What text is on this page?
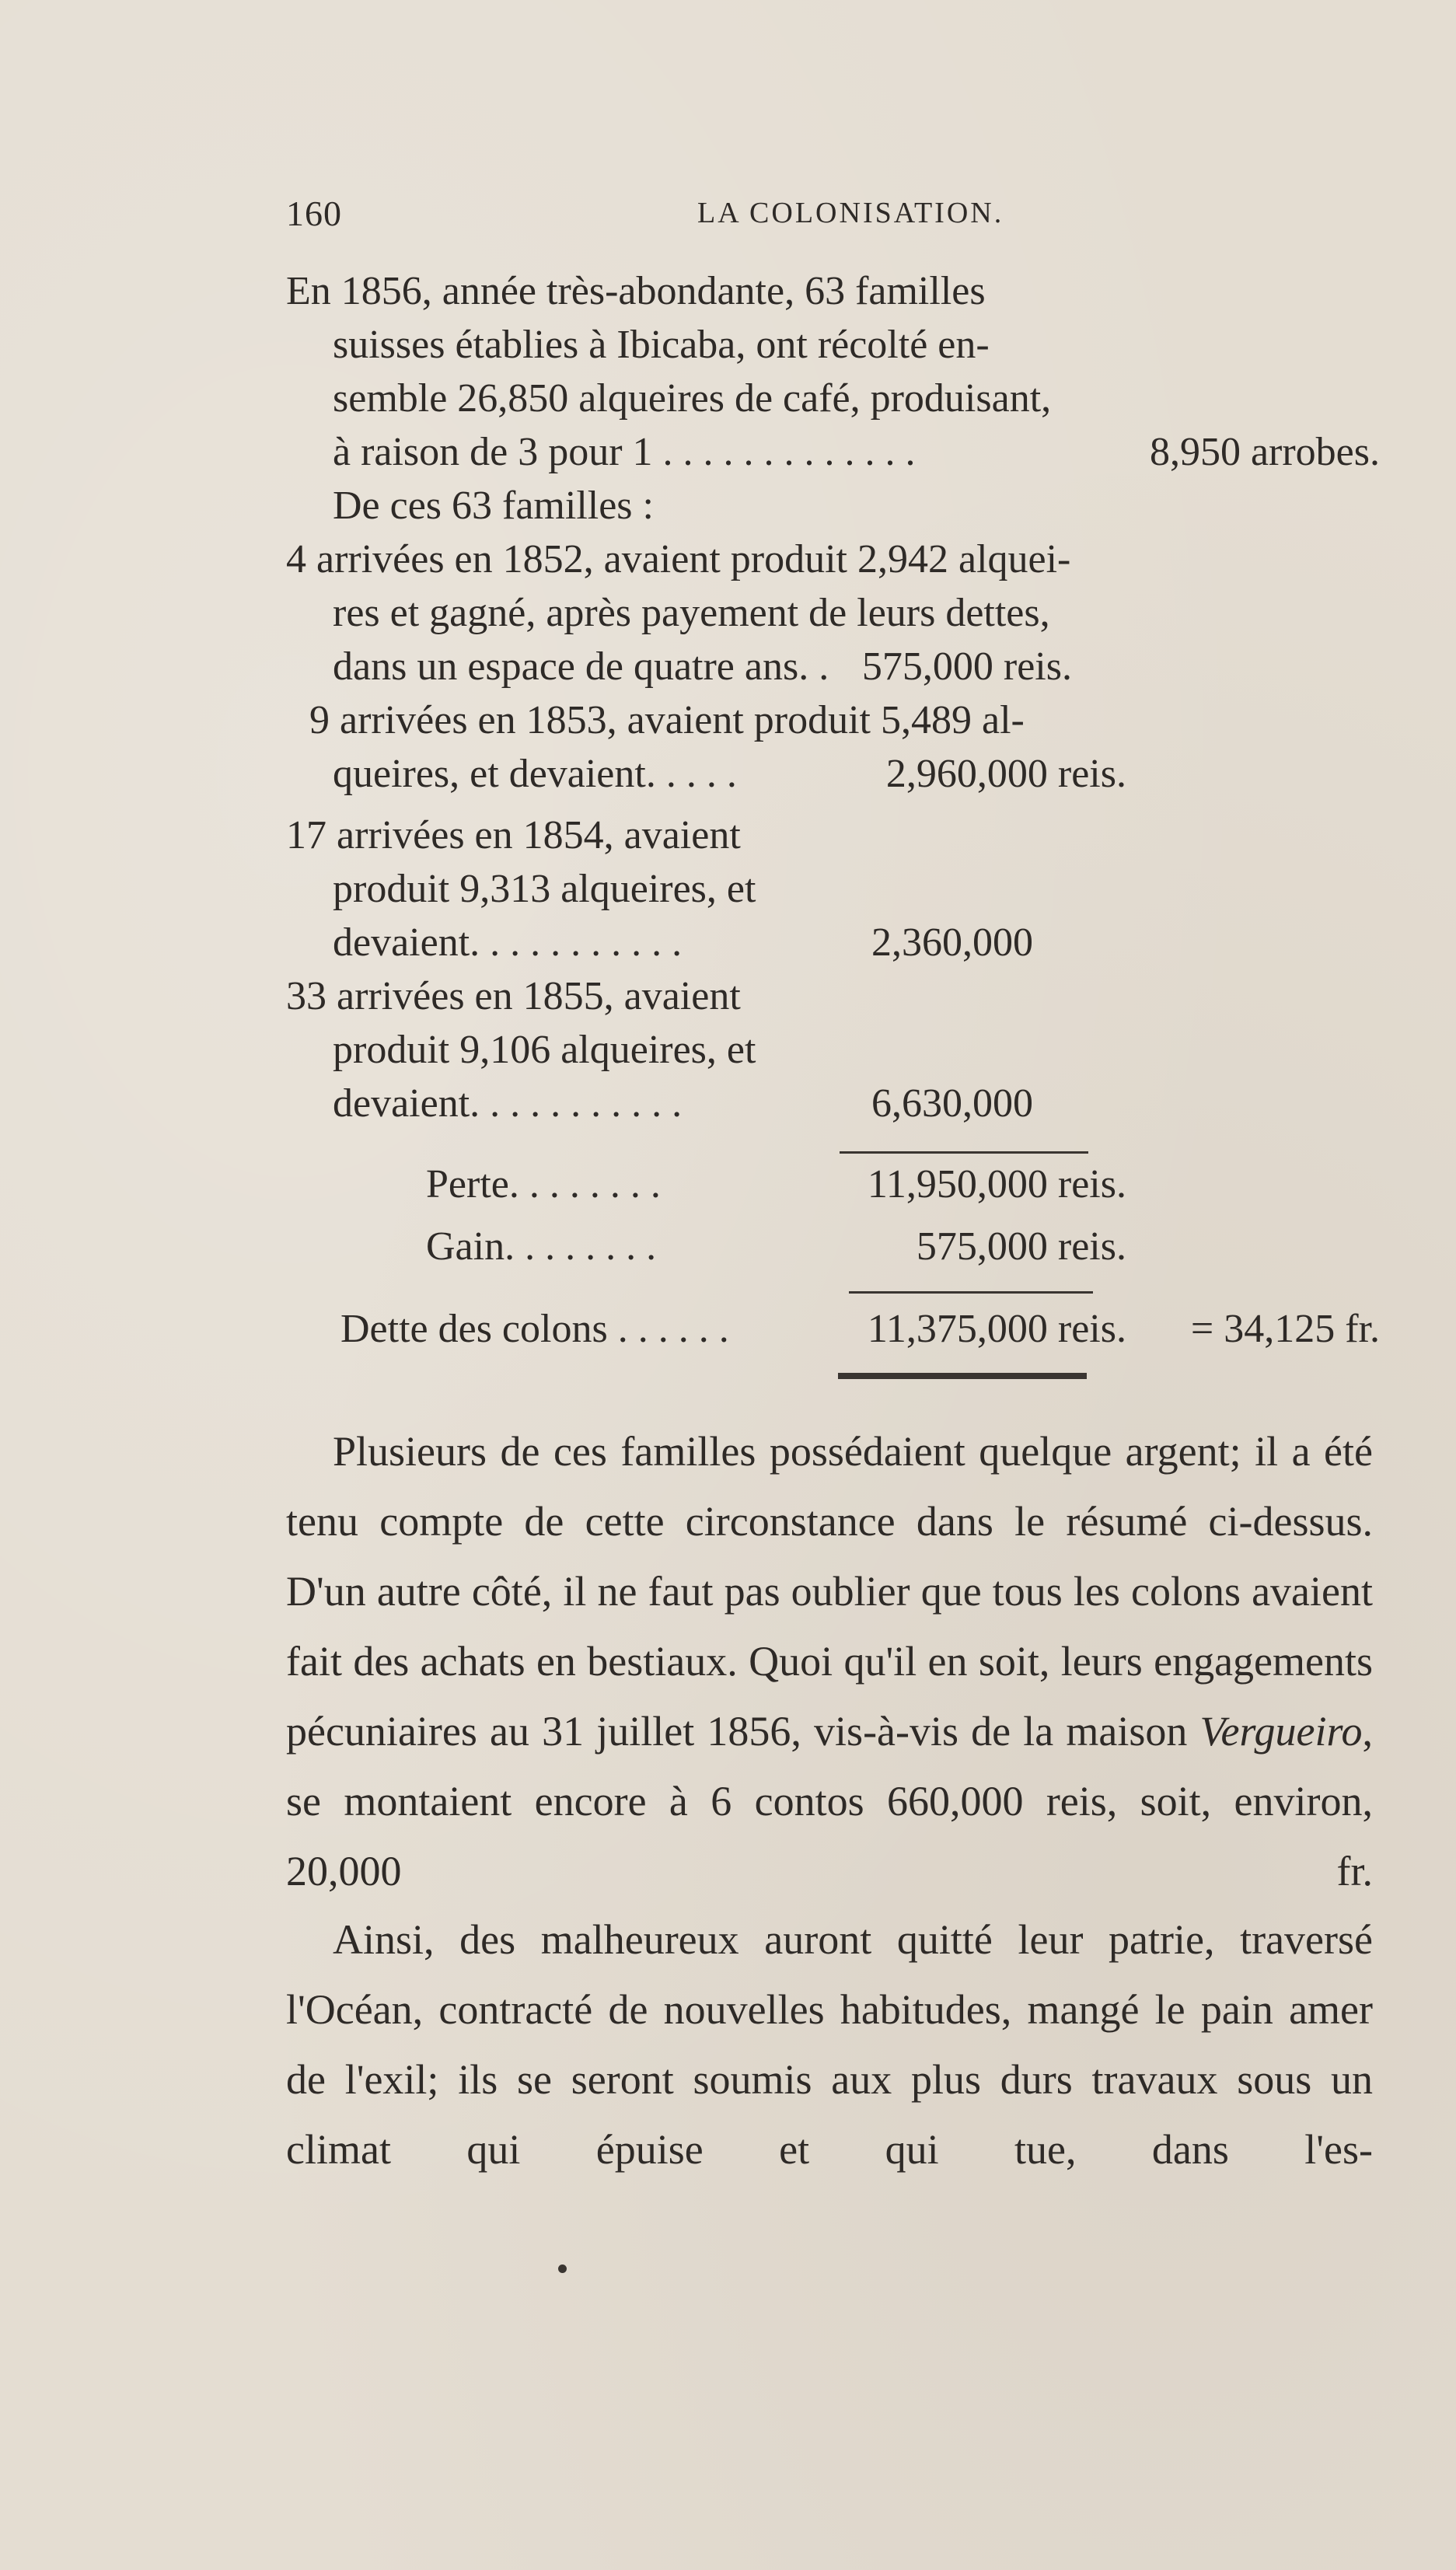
160	LA COLONISATION.
En 1856, année très-abondante, 63 familles
suisses établies à Ibicaba, ont récolté en-
semble 26,850 alqueires de café, produisant,
à raison de 3 pour 1 . . . . . . . . . . . . .	8,950 arrobes.
De ces 63 familles :
4 arrivées en 1852, avaient produit 2,942 alquei-
res et gagné, après payement de leurs dettes,
dans un espace de quatre ans. . 575,000 reis.
9 arrivées en 1853, avaient produit 5,489 al-
queires, et devaient. . . . .	2,960,000 reis.
17 arrivées en 1854, avaient
produit 9,313 alqueires, et
devaient. . . . . . . . . . .	2,360,000
33 arrivées en 1855, avaient
produit 9,106 alqueires, et
devaient. . . . . . . . . . .	6,630,000
Perte. . . . . . . .	11,950,000 reis.
Gain. . . . . . . .	575,000 reis.
Dette des colons . . . . . .	11,375,000 reis. = 34,125 fr.

Plusieurs de ces familles possédaient quelque argent; il a été tenu compte de cette circonstance dans le résumé ci-dessus. D'un autre côté, il ne faut pas oublier que tous les colons avaient fait des achats en bestiaux. Quoi qu'il en soit, leurs engagements pécuniaires au 31 juillet 1856, vis-à-vis de la maison Vergueiro, se montaient encore à 6 contos 660,000 reis, soit, environ, 20,000 fr.

Ainsi, des malheureux auront quitté leur patrie, traversé l'Océan, contracté de nouvelles habitudes, mangé le pain amer de l'exil; ils se seront soumis aux plus durs travaux sous un climat qui épuise et qui tue, dans l'es-
